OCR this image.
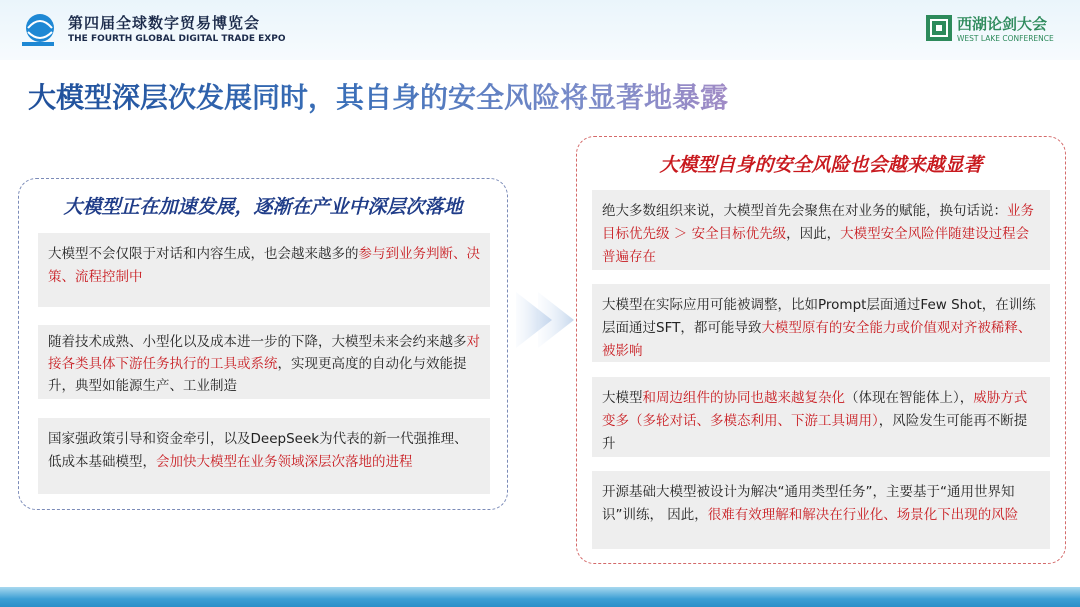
第四届全球数字贸易博览会
THE FOURTH GLOBAL DIGITAL TRADE EXPO
西湖论剑大会
WEST LAKE CONFERENCE
大模型深层次发展同时，其自身的安全风险将显著地暴露
大模型正在加速发展，逐渐在产业中深层次落地
大模型不会仅限于对话和内容生成，也会越来越多的参与到业务判断、决策、流程控制中
随着技术成熟、小型化以及成本进一步的下降，大模型未来会约来越多对接各类具体下游任务执行的工具或系统，实现更高度的自动化与效能提升，典型如能源生产、工业制造
国家强政策引导和资金牵引，以及DeepSeek为代表的新一代强推理、低成本基础模型，会加快大模型在业务领域深层次落地的进程
大模型自身的安全风险也会越来越显著
绝大多数组织来说，大模型首先会聚焦在对业务的赋能，换句话说：业务目标优先级 ＞ 安全目标优先级，因此，大模型安全风险伴随建设过程会普遍存在
大模型在实际应用可能被调整，比如Prompt层面通过Few Shot，在训练层面通过SFT，都可能导致大模型原有的安全能力或价值观对齐被稀释、被影响
大模型和周边组件的协同也越来越复杂化（体现在智能体上），威胁方式变多（多轮对话、多模态利用、下游工具调用），风险发生可能再不断提升
开源基础大模型被设计为解决“通用类型任务”，主要基于“通用世界知识”训练， 因此，很难有效理解和解决在行业化、场景化下出现的风险
